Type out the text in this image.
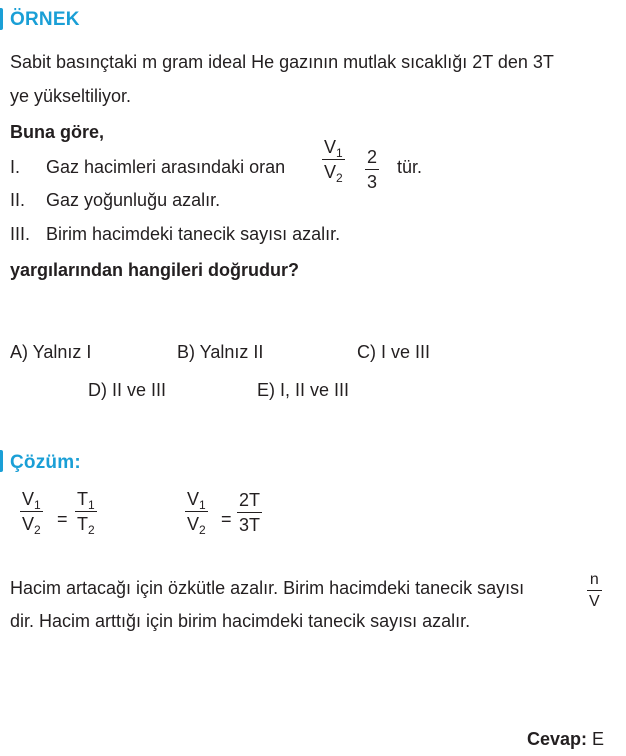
ÖRNEK
Sabit basınçtaki m gram ideal He gazının mutlak sıcaklığı 2T den 3T
ye yükseltiliyor.
Buna göre,
I. Gaz hacimleri arasındaki oran
$V_1$
$V_2$
2
3
tür.
II. Gaz yoğunluğu azalır.
III. Birim hacimdeki tanecik sayısı azalır.
yargılarından hangileri doğrudur?
A) Yalnız I	B) Yalnız II	C) I ve III
D) II ve III	E) I, II ve III
Çözüm:
$V_1$
$V_2$
=
$T_1$
$T_2$
$V_1$
$V_2$
=
2T
3T
Hacim artacağı için özkütle azalır. Birim hacimdeki tanecik sayısı	n
V
dir. Hacim arttığı için birim hacimdeki tanecik sayısı azalır.
Cevap: E
